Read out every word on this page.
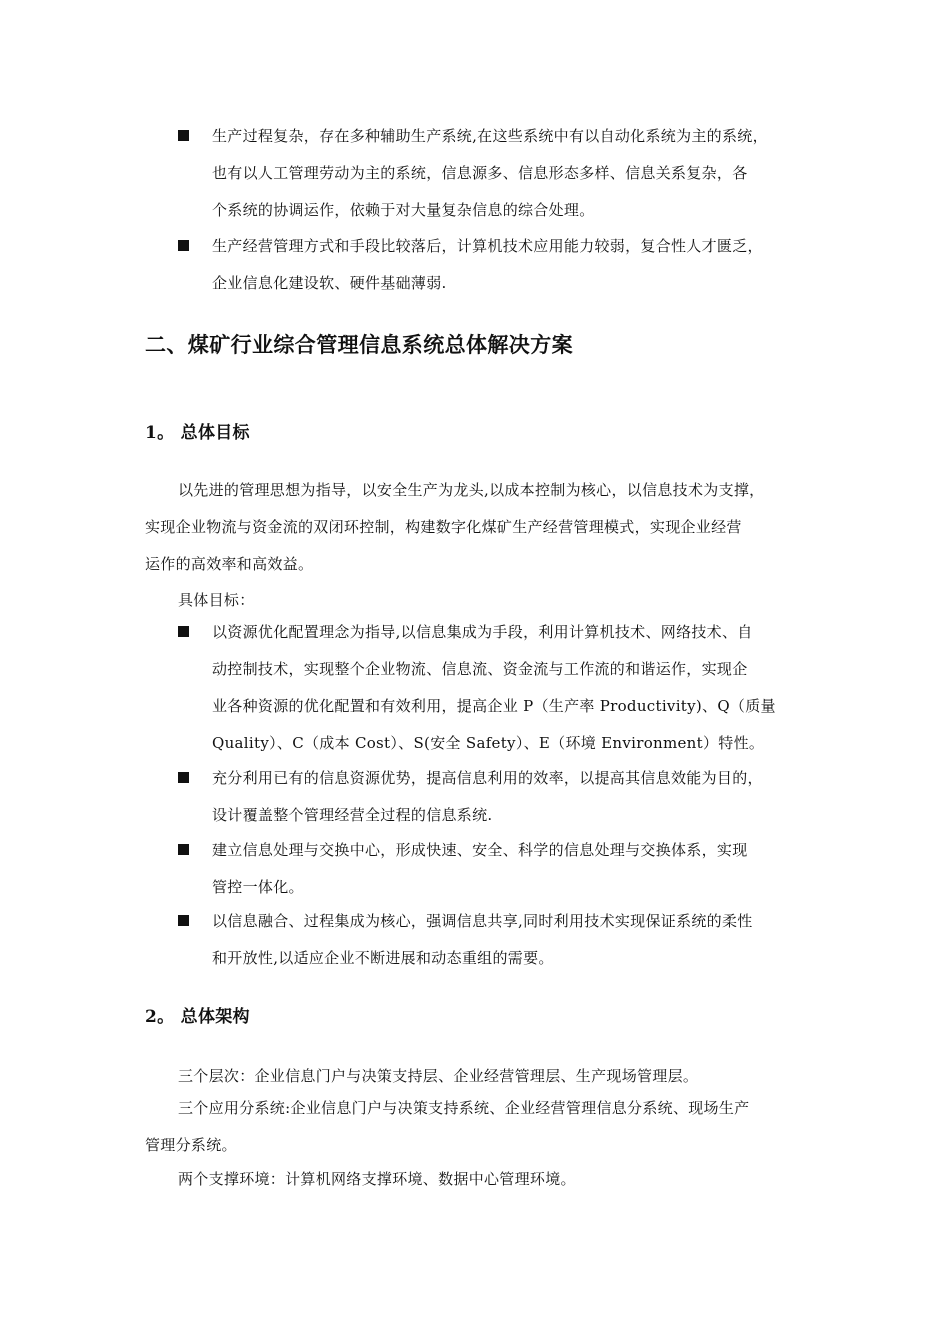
生产过程复杂，存在多种辅助生产系统,在这些系统中有以自动化系统为主的系统，
也有以人工管理劳动为主的系统，信息源多、信息形态多样、信息关系复杂，各
个系统的协调运作，依赖于对大量复杂信息的综合处理。
生产经营管理方式和手段比较落后，计算机技术应用能力较弱，复合性人才匮乏，
企业信息化建设软、硬件基础薄弱.
二、煤矿行业综合管理信息系统总体解决方案
1。 总体目标
以先进的管理思想为指导，以安全生产为龙头,以成本控制为核心，以信息技术为支撑，
实现企业物流与资金流的双闭环控制，构建数字化煤矿生产经营管理模式，实现企业经营
运作的高效率和高效益。
具体目标：
以资源优化配置理念为指导,以信息集成为手段，利用计算机技术、网络技术、自
动控制技术，实现整个企业物流、信息流、资金流与工作流的和谐运作，实现企
业各种资源的优化配置和有效利用，提高企业 P（生产率 Productivity)、Q（质量
Quality）、C（成本 Cost）、S(安全 Safety）、E（环境 Environment）特性。
充分利用已有的信息资源优势，提高信息利用的效率，以提高其信息效能为目的，
设计覆盖整个管理经营全过程的信息系统.
建立信息处理与交换中心，形成快速、安全、科学的信息处理与交换体系，实现
管控一体化。
以信息融合、过程集成为核心，强调信息共享,同时利用技术实现保证系统的柔性
和开放性,以适应企业不断进展和动态重组的需要。
2。 总体架构
三个层次：企业信息门户与决策支持层、企业经营管理层、生产现场管理层。
三个应用分系统:企业信息门户与决策支持系统、企业经营管理信息分系统、现场生产
管理分系统。
两个支撑环境：计算机网络支撑环境、数据中心管理环境。
